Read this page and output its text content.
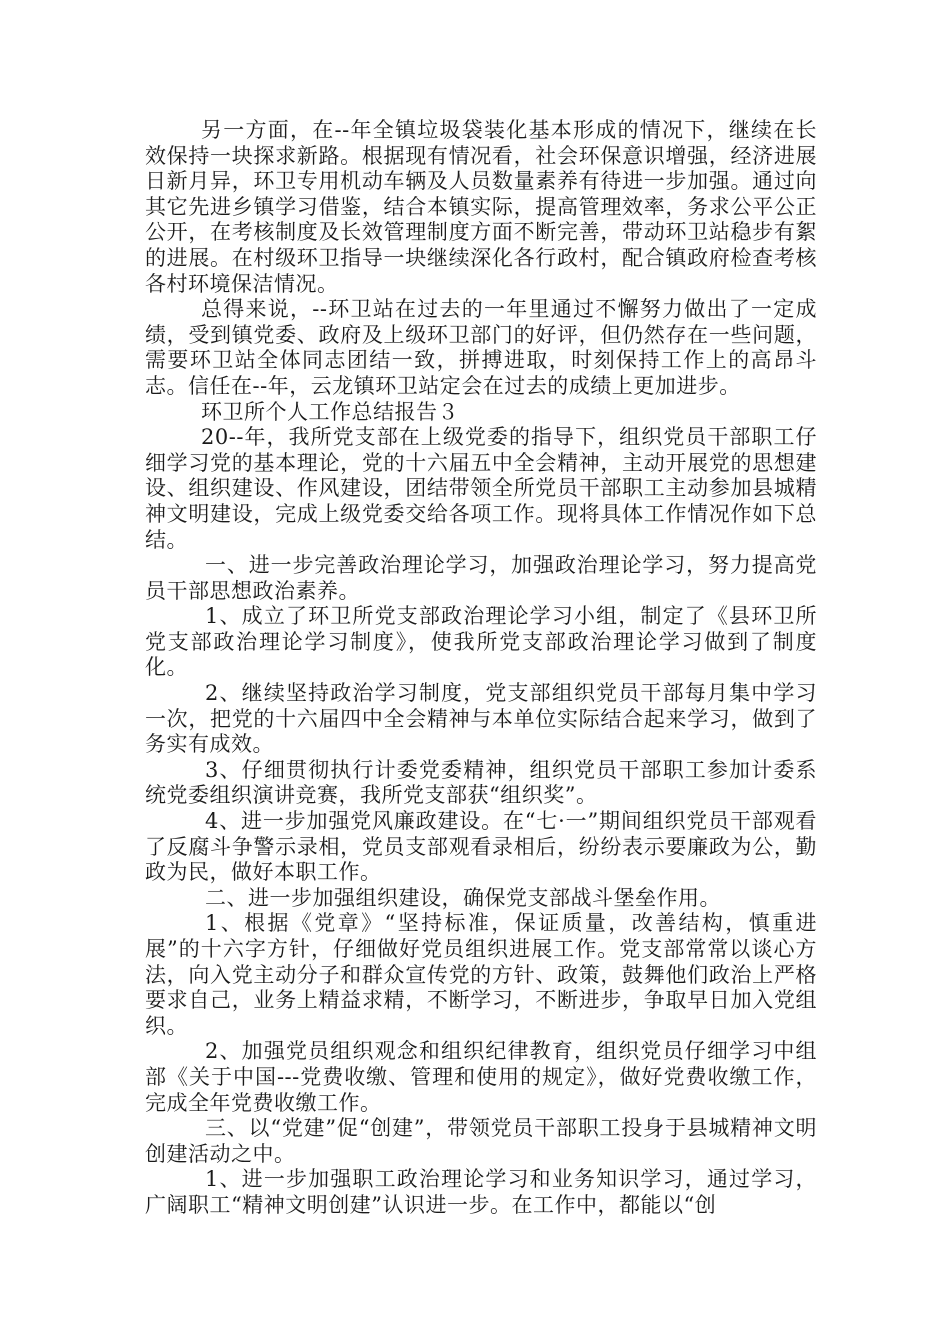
另一方面，在--年全镇垃圾袋装化基本形成的情况下，继续在长效保持一块探求新路。根据现有情况看，社会环保意识增强，经济进展日新月异，环卫专用机动车辆及人员数量素养有待进一步加强。通过向其它先进乡镇学习借鉴，结合本镇实际，提高管理效率，务求公平公正公开，在考核制度及长效管理制度方面不断完善，带动环卫站稳步有絮的进展。在村级环卫指导一块继续深化各行政村，配合镇政府检查考核各村环境保洁情况。

总得来说，--环卫站在过去的一年里通过不懈努力做出了一定成绩，受到镇党委、政府及上级环卫部门的好评，但仍然存在一些问题，需要环卫站全体同志团结一致，拼搏进取，时刻保持工作上的高昂斗志。信任在--年，云龙镇环卫站定会在过去的成绩上更加进步。

环卫所个人工作总结报告３

20--年，我所党支部在上级党委的指导下，组织党员干部职工仔细学习党的基本理论，党的十六届五中全会精神，主动开展党的思想建设、组织建设、作风建设，团结带领全所党员干部职工主动参加县城精神文明建设，完成上级党委交给各项工作。现将具体工作情况作如下总结。

一、进一步完善政治理论学习，加强政治理论学习，努力提高党员干部思想政治素养。

1、成立了环卫所党支部政治理论学习小组，制定了《县环卫所党支部政治理论学习制度》，使我所党支部政治理论学习做到了制度化。

2、继续坚持政治学习制度，党支部组织党员干部每月集中学习一次，把党的十六届四中全会精神与本单位实际结合起来学习，做到了务实有成效。

3、仔细贯彻执行计委党委精神，组织党员干部职工参加计委系统党委组织演讲竞赛，我所党支部获“组织奖”。

4、进一步加强党风廉政建设。在“七·一”期间组织党员干部观看了反腐斗争警示录相，党员支部观看录相后，纷纷表示要廉政为公，勤政为民，做好本职工作。

二、进一步加强组织建设，确保党支部战斗堡垒作用。

1、根据《党章》“坚持标准，保证质量，改善结构，慎重进展”的十六字方针，仔细做好党员组织进展工作。党支部常常以谈心方法，向入党主动分子和群众宣传党的方针、政策，鼓舞他们政治上严格要求自己，业务上精益求精，不断学习，不断进步，争取早日加入党组织。

2、加强党员组织观念和组织纪律教育，组织党员仔细学习中组部《关于中国---党费收缴、管理和使用的规定》，做好党费收缴工作，完成全年党费收缴工作。

三、以“党建”促“创建”，带领党员干部职工投身于县城精神文明创建活动之中。

1、进一步加强职工政治理论学习和业务知识学习，通过学习，广阔职工“精神文明创建”认识进一步。在工作中，都能以“创
